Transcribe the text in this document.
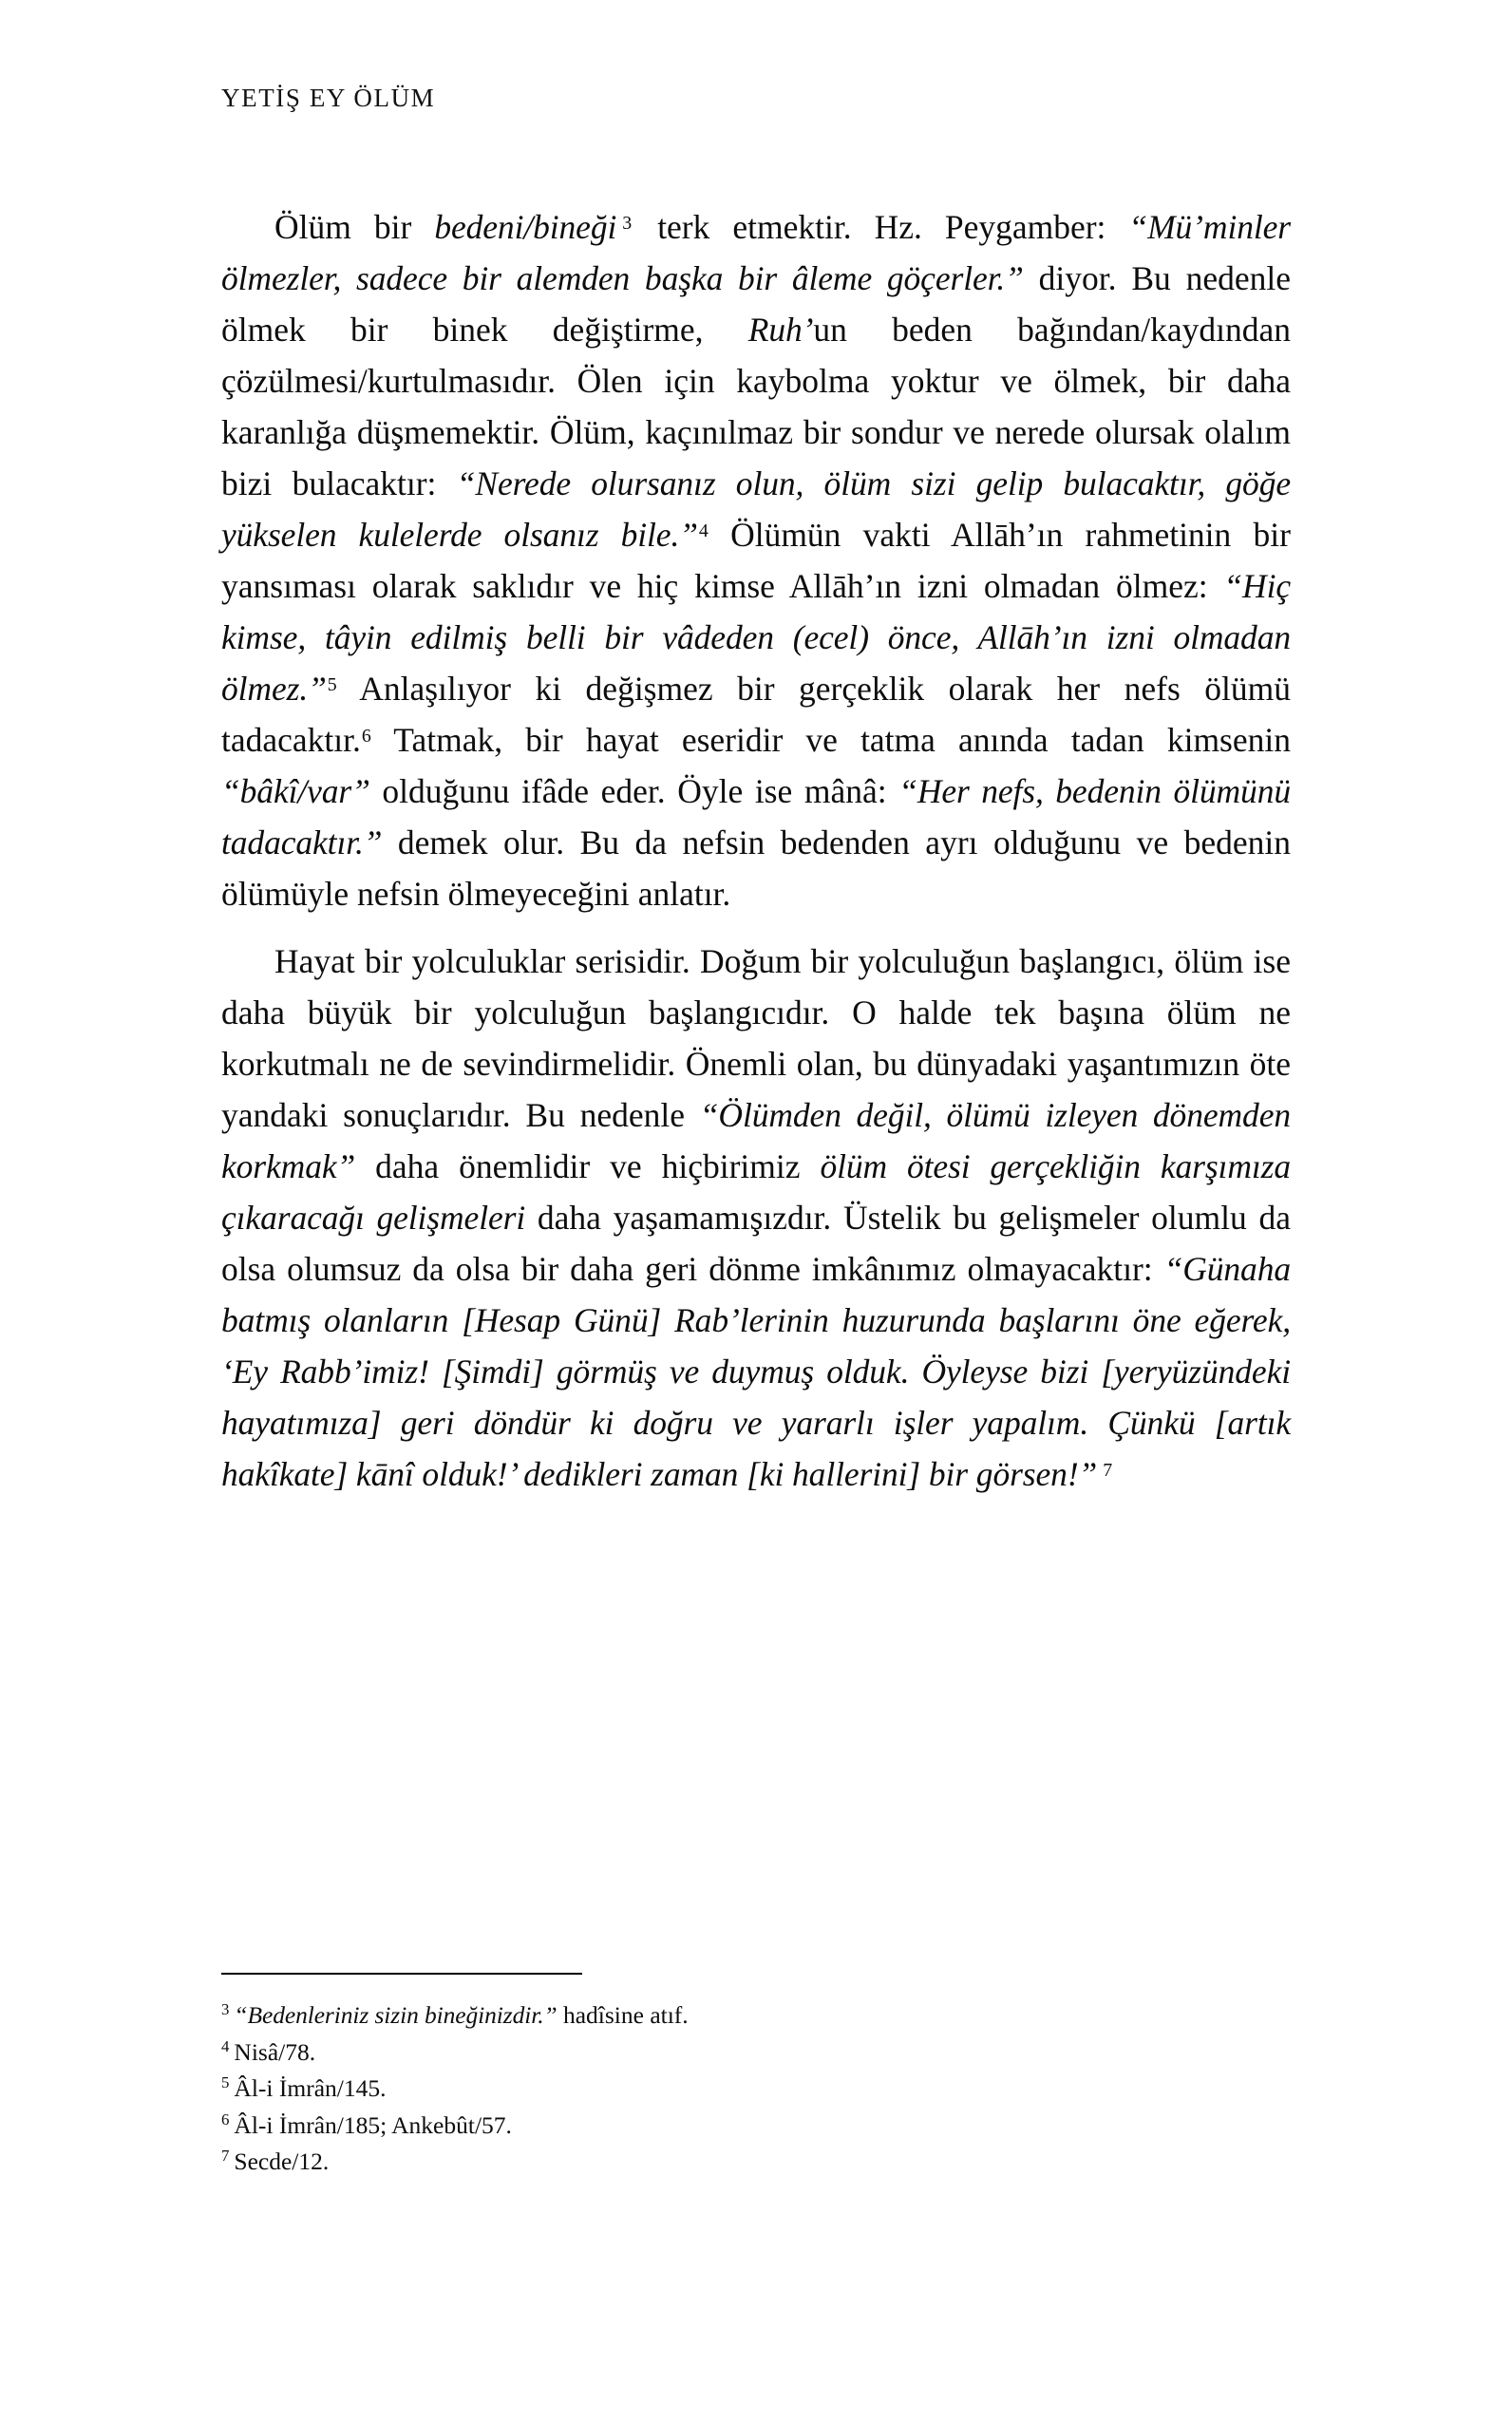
YETİŞ EY ÖLÜM

Ölüm bir bedeni/bineği $^3$ terk etmektir. Hz. Peygamber: “Mü’minler ölmezler, sadece bir alemden başka bir âleme göçerler.” diyor. Bu nedenle ölmek bir binek değiştirme, Ruh’un beden bağından/kaydından çözülmesi/kurtulmasıdır. Ölen için kaybolma yoktur ve ölmek, bir daha karanlığa düşmemektir. Ölüm, kaçınılmaz bir sondur ve nerede olursak olalım bizi bulacaktır: “Nerede olursanız olun, ölüm sizi gelip bulacaktır, göğe yükselen kulelerde olsanız bile.”$^4$ Ölümün vakti Allāh’ın rahmetinin bir yansıması olarak saklıdır ve hiç kimse Allāh’ın izni olmadan ölmez: “Hiç kimse, tâyin edilmiş belli bir vâdeden (ecel) önce, Allāh’ın izni olmadan ölmez.”$^5$ Anlaşılıyor ki değişmez bir gerçeklik olarak her nefs ölümü tadacaktır.$^6$ Tatmak, bir hayat eseridir ve tatma anında tadan kimsenin “bâkî/var” olduğunu ifâde eder. Öyle ise mânâ: “Her nefs, bedenin ölümünü tadacaktır.” demek olur. Bu da nefsin bedenden ayrı olduğunu ve bedenin ölümüyle nefsin ölmeyeceğini anlatır.

Hayat bir yolculuklar serisidir. Doğum bir yolculuğun başlangıcı, ölüm ise daha büyük bir yolculuğun başlangıcıdır. O halde tek başına ölüm ne korkutmalı ne de sevindirmelidir. Önemli olan, bu dünyadaki yaşantımızın öte yandaki sonuçlarıdır. Bu nedenle “Ölümden değil, ölümü izleyen dönemden korkmak” daha önemlidir ve hiçbirimiz ölüm ötesi gerçekliğin karşımıza çıkaracağı gelişmeleri daha yaşamamışızdır. Üstelik bu gelişmeler olumlu da olsa olumsuz da olsa bir daha geri dönme imkânımız olmayacaktır: “Günaha batmış olanların [Hesap Günü] Rab’lerinin huzurunda başlarını öne eğerek, ‘Ey Rabb’imiz! [Şimdi] görmüş ve duymuş olduk. Öyleyse bizi [yeryüzündeki hayatımıza] geri döndür ki doğru ve yararlı işler yapalım. Çünkü [artık hakîkate] kānî olduk!’ dedikleri zaman [ki hallerini] bir görsen!” $^7$

$^3$ “Bedenleriniz sizin bineğinizdir.” hadîsine atıf.

$^4$ Nisâ/78.

$^5$ Âl-i İmrân/145.

$^6$ Âl-i İmrân/185; Ankebût/57.

$^7$ Secde/12.
